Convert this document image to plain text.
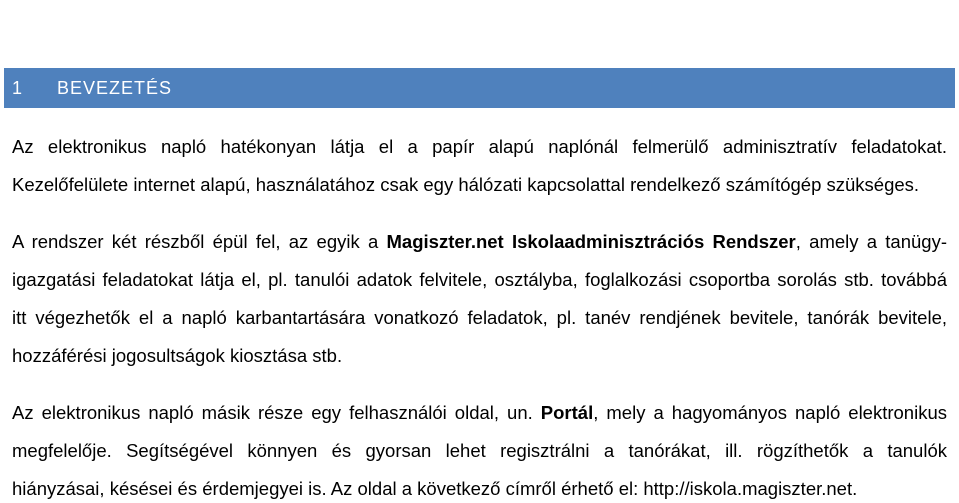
1 BEVEZETÉS
Az elektronikus napló hatékonyan látja el a papír alapú naplónál felmerülő adminisztratív feladatokat.
Kezelőfelülete internet alapú, használatához csak egy hálózati kapcsolattal rendelkező számítógép szükséges.
A rendszer két részből épül fel, az egyik a Magiszter.net Iskolaadminisztrációs Rendszer, amely a tanügy-
igazgatási feladatokat látja el, pl. tanulói adatok felvitele, osztályba, foglalkozási csoportba sorolás stb. továbbá
itt végezhetők el a napló karbantartására vonatkozó feladatok, pl. tanév rendjének bevitele, tanórák bevitele,
hozzáférési jogosultságok kiosztása stb.
Az elektronikus napló másik része egy felhasználói oldal, un. Portál, mely a hagyományos napló elektronikus
megfelelője. Segítségével könnyen és gyorsan lehet regisztrálni a tanórákat, ill. rögzíthetők a tanulók
hiányzásai, késései és érdemjegyei is. Az oldal a következő címről érhető el: http://iskola.magiszter.net.
